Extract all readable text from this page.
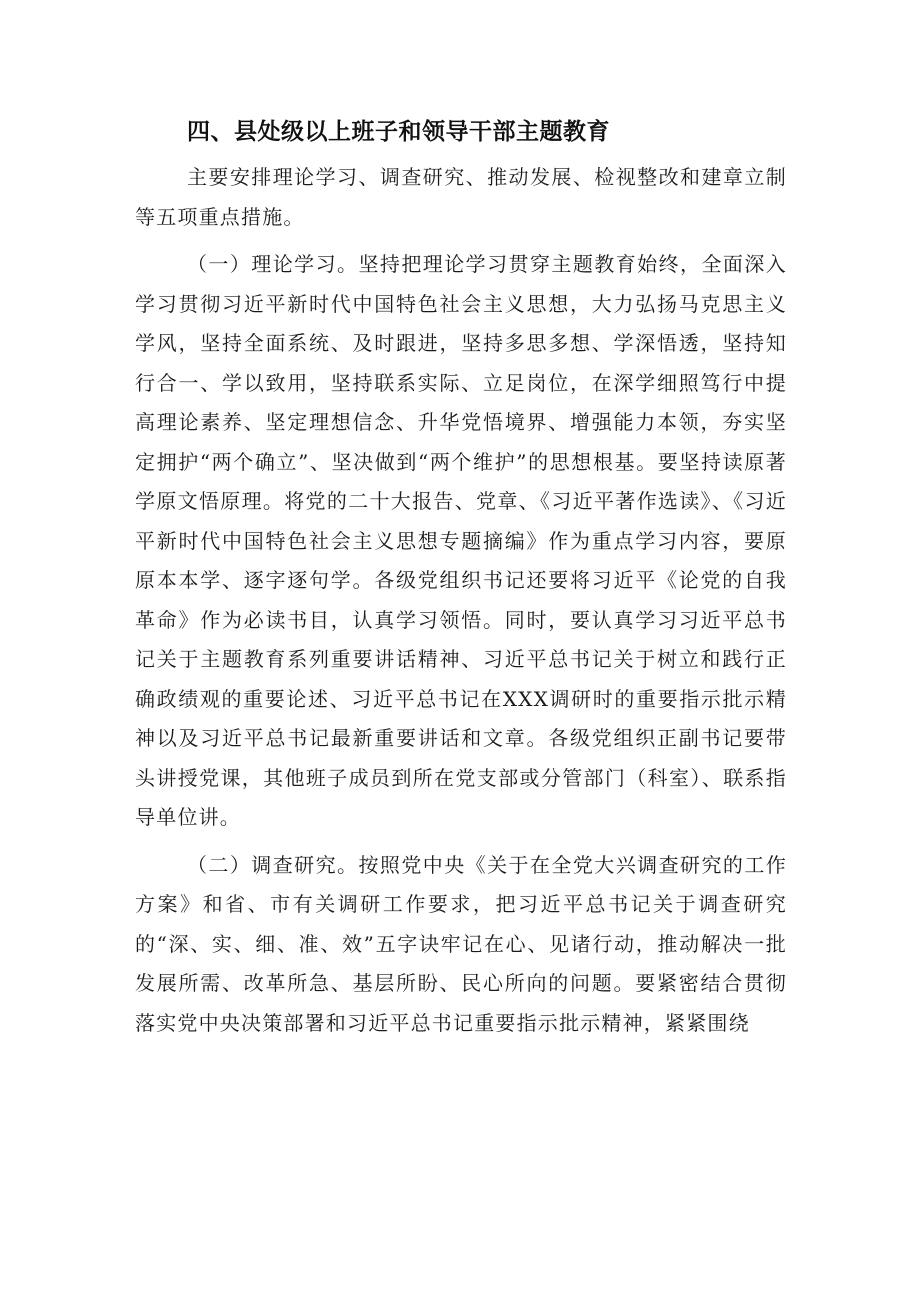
四、县处级以上班子和领导干部主题教育

主要安排理论学习、调查研究、推动发展、检视整改和建章立制等五项重点措施。

（一）理论学习。坚持把理论学习贯穿主题教育始终，全面深入学习贯彻习近平新时代中国特色社会主义思想，大力弘扬马克思主义学风，坚持全面系统、及时跟进，坚持多思多想、学深悟透，坚持知行合一、学以致用，坚持联系实际、立足岗位，在深学细照笃行中提高理论素养、坚定理想信念、升华党悟境界、增强能力本领，夯实坚定拥护“两个确立”、坚决做到“两个维护”的思想根基。要坚持读原著学原文悟原理。将党的二十大报告、党章、《习近平著作选读》、《习近平新时代中国特色社会主义思想专题摘编》作为重点学习内容，要原原本本学、逐字逐句学。各级党组织书记还要将习近平《论党的自我革命》作为必读书目，认真学习领悟。同时，要认真学习习近平总书记关于主题教育系列重要讲话精神、习近平总书记关于树立和践行正确政绩观的重要论述、习近平总书记在XXX调研时的重要指示批示精神以及习近平总书记最新重要讲话和文章。各级党组织正副书记要带头讲授党课，其他班子成员到所在党支部或分管部门（科室）、联系指导单位讲。

（二）调查研究。按照党中央《关于在全党大兴调查研究的工作方案》和省、市有关调研工作要求，把习近平总书记关于调查研究的“深、实、细、准、效”五字诀牢记在心、见诸行动，推动解决一批发展所需、改革所急、基层所盼、民心所向的问题。要紧密结合贯彻落实党中央决策部署和习近平总书记重要指示批示精神，紧紧围绕
